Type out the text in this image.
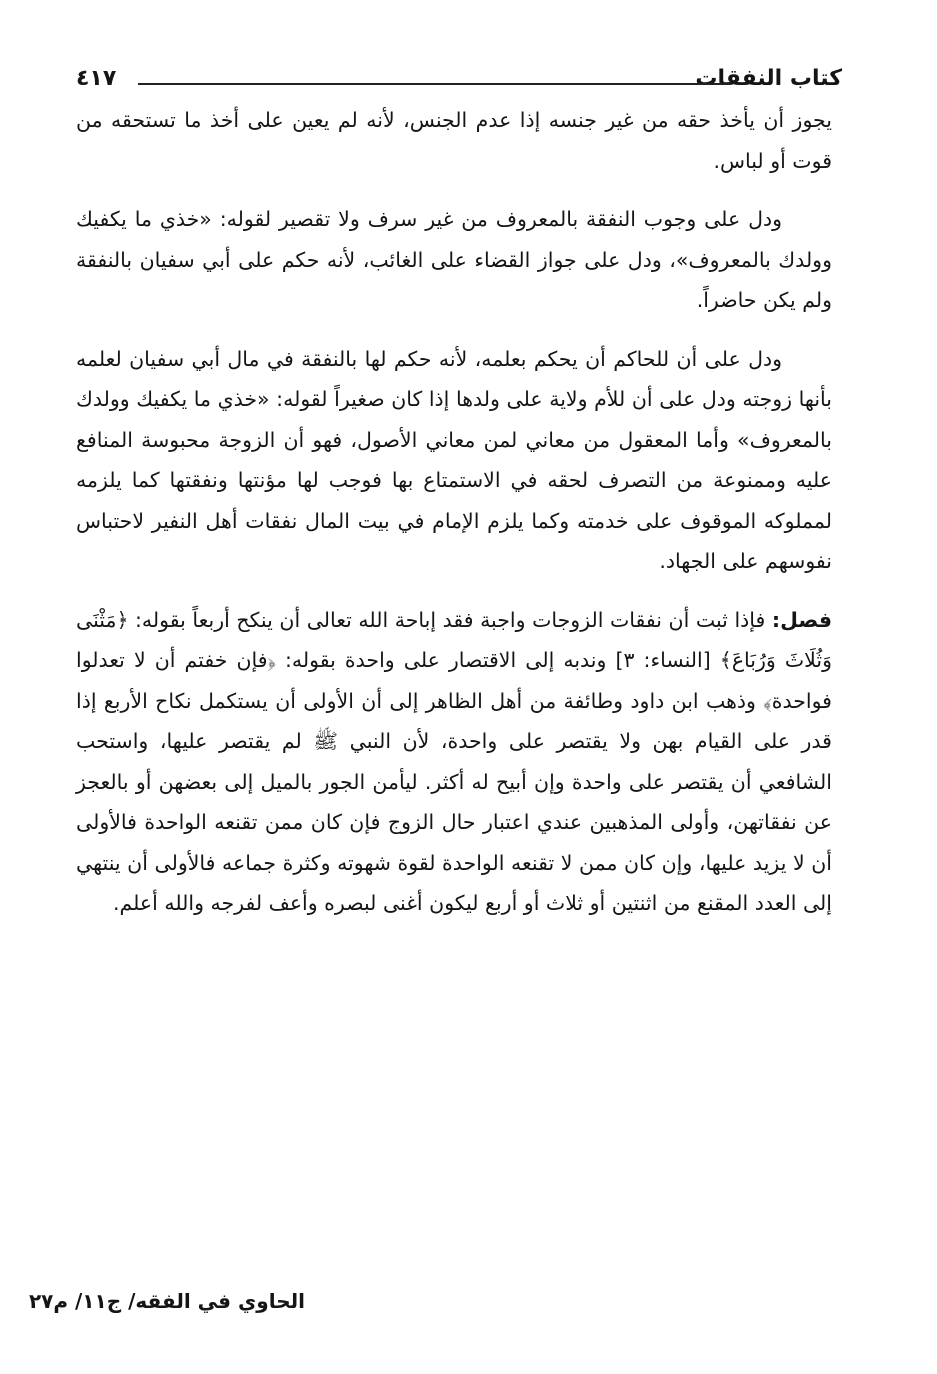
كتاب النفقات
٤١٧

يجوز أن يأخذ حقه من غير جنسه إذا عدم الجنس، لأنه لم يعين على أخذ ما تستحقه من قوت أو لباس.

ودل على وجوب النفقة بالمعروف من غير سرف ولا تقصير لقوله: «خذي ما يكفيك وولدك بالمعروف»، ودل على جواز القضاء على الغائب، لأنه حكم على أبي سفيان بالنفقة ولم يكن حاضراً.

ودل على أن للحاكم أن يحكم بعلمه، لأنه حكم لها بالنفقة في مال أبي سفيان لعلمه بأنها زوجته ودل على أن للأم ولاية على ولدها إذا كان صغيراً لقوله: «خذي ما يكفيك وولدك بالمعروف» وأما المعقول من معاني لمن معاني الأصول، فهو أن الزوجة محبوسة المنافع عليه وممنوعة من التصرف لحقه في الاستمتاع بها فوجب لها مؤنتها ونفقتها كما يلزمه لمملوكه الموقوف على خدمته وكما يلزم الإمام في بيت المال نفقات أهل النفير لاحتباس نفوسهم على الجهاد.

فصل: فإذا ثبت أن نفقات الزوجات واجبة فقد إباحة الله تعالى أن ينكح أربعاً بقوله: ﴿مَثْنَى وَثُلَاثَ وَرُبَاعَ﴾ [النساء: ٣] وندبه إلى الاقتصار على واحدة بقوله: ﴿فإن خفتم أن لا تعدلوا فواحدة﴾ وذهب ابن داود وطائفة من أهل الظاهر إلى أن الأولى أن يستكمل نكاح الأربع إذا قدر على القيام بهن ولا يقتصر على واحدة، لأن النبي ﷺ لم يقتصر عليها، واستحب الشافعي أن يقتصر على واحدة وإن أبيح له أكثر. ليأمن الجور بالميل إلى بعضهن أو بالعجز عن نفقاتهن، وأولى المذهبين عندي اعتبار حال الزوج فإن كان ممن تقنعه الواحدة فالأولى أن لا يزيد عليها، وإن كان ممن لا تقنعه الواحدة لقوة شهوته وكثرة جماعه فالأولى أن ينتهي إلى العدد المقنع من اثنتين أو ثلاث أو أربع ليكون أغنى لبصره وأعف لفرجه والله أعلم.

الحاوي في الفقه/ ج١١/ م٢٧
